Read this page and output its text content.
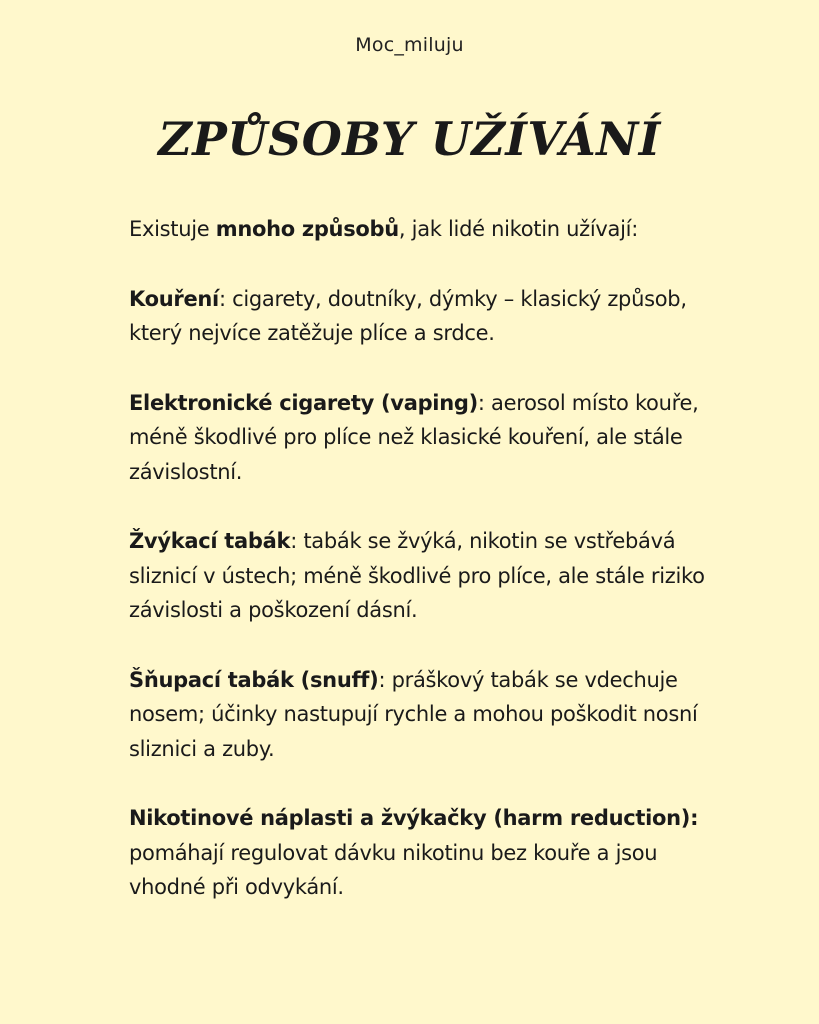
Moc_miluju
ZPŮSOBY UŽÍVÁNÍ

Existuje mnoho způsobů, jak lidé nikotin užívají:

Kouření: cigarety, doutníky, dýmky – klasický způsob, který nejvíce zatěžuje plíce a srdce.

Elektronické cigarety (vaping): aerosol místo kouře, méně škodlivé pro plíce než klasické kouření, ale stále závislostní.

Žvýkací tabák: tabák se žvýká, nikotin se vstřebává sliznicí v ústech; méně škodlivé pro plíce, ale stále riziko závislosti a poškození dásní.

Šňupací tabák (snuff): práškový tabák se vdechuje nosem; účinky nastupují rychle a mohou poškodit nosní sliznici a zuby.

Nikotinové náplasti a žvýkačky (harm reduction): pomáhají regulovat dávku nikotinu bez kouře a jsou vhodné při odvykání.
